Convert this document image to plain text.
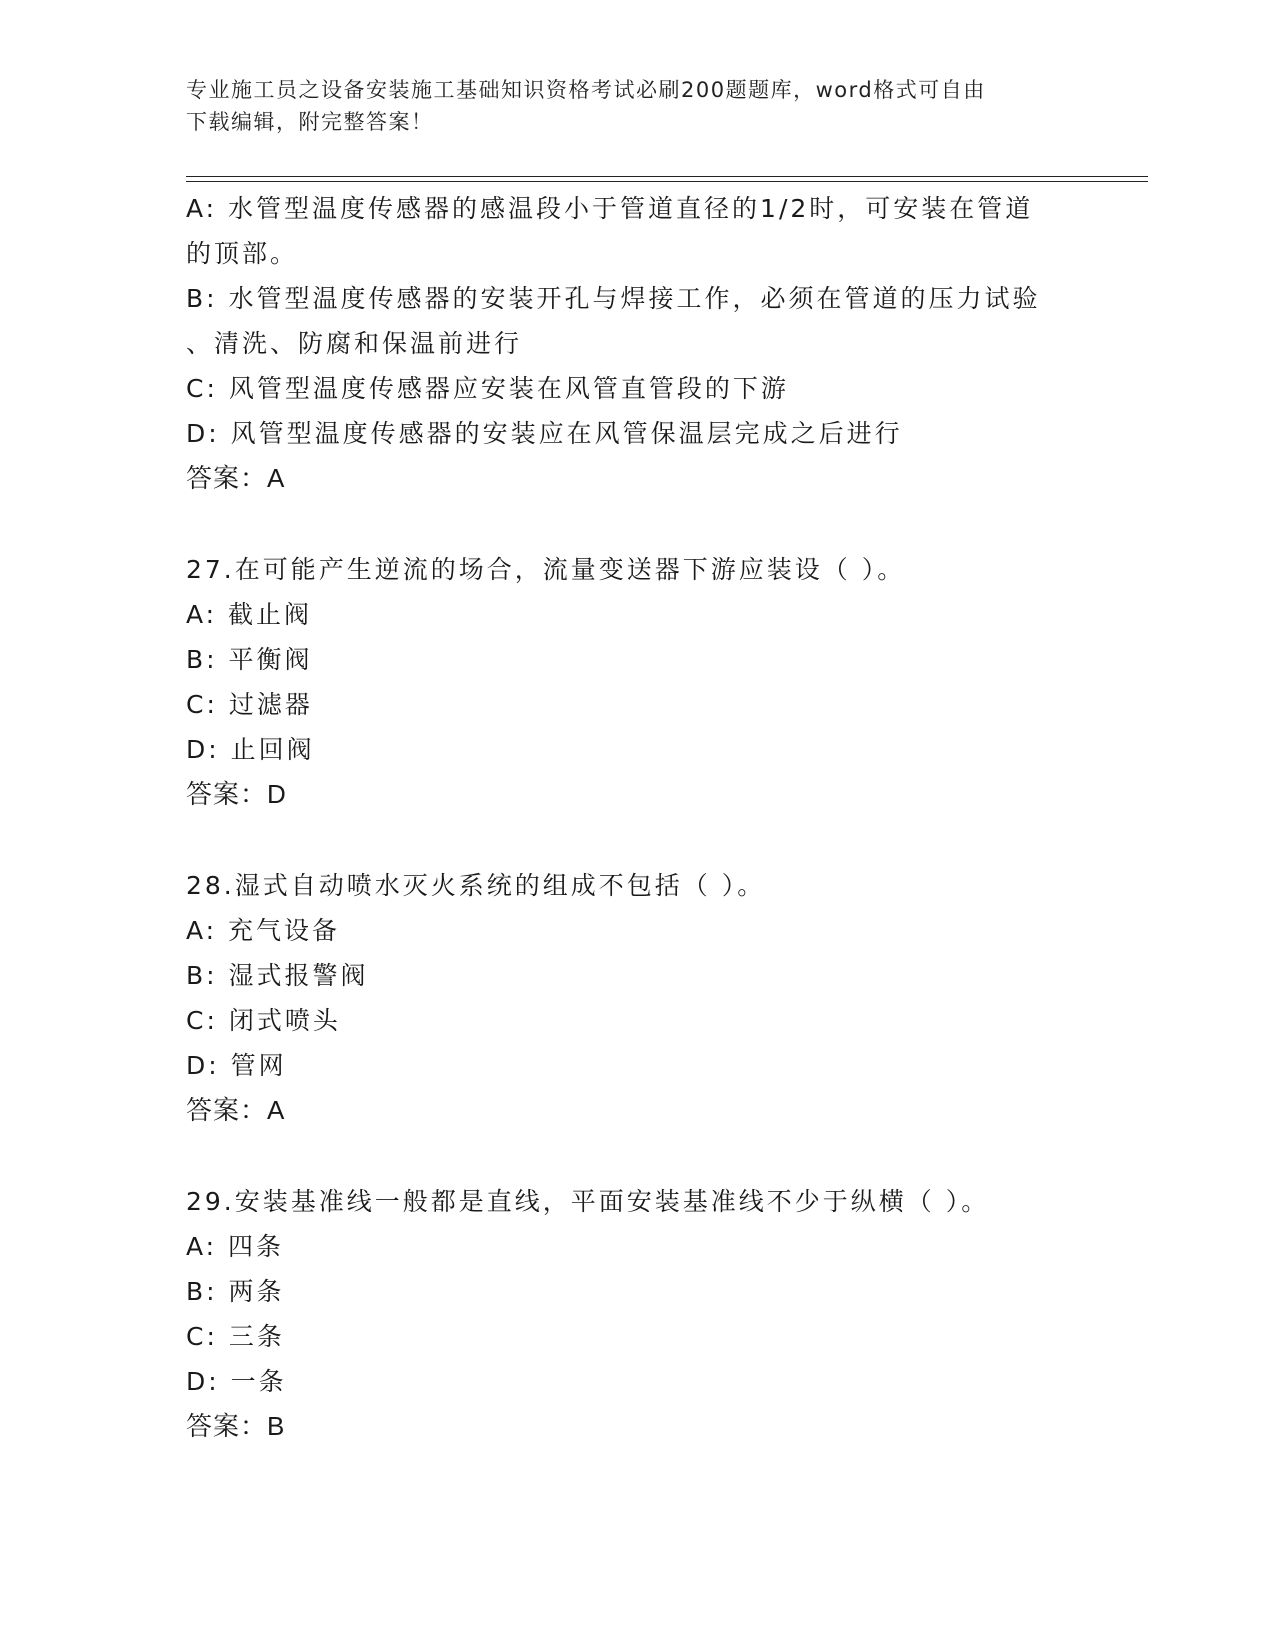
专业施工员之设备安装施工基础知识资格考试必刷200题题库，word格式可自由
下载编辑，附完整答案！
A: 水管型温度传感器的感温段小于管道直径的1/2时，可安装在管道
的顶部。
B: 水管型温度传感器的安装开孔与焊接工作，必须在管道的压力试验
、清洗、防腐和保温前进行
C: 风管型温度传感器应安装在风管直管段的下游
D: 风管型温度传感器的安装应在风管保温层完成之后进行
答案：A
27.在可能产生逆流的场合，流量变送器下游应装设（ ）。
A: 截止阀
B: 平衡阀
C: 过滤器
D: 止回阀
答案：D
28.湿式自动喷水灭火系统的组成不包括（ ）。
A: 充气设备
B: 湿式报警阀
C: 闭式喷头
D: 管网
答案：A
29.安装基准线一般都是直线，平面安装基准线不少于纵横（ ）。
A: 四条
B: 两条
C: 三条
D: 一条
答案：B
